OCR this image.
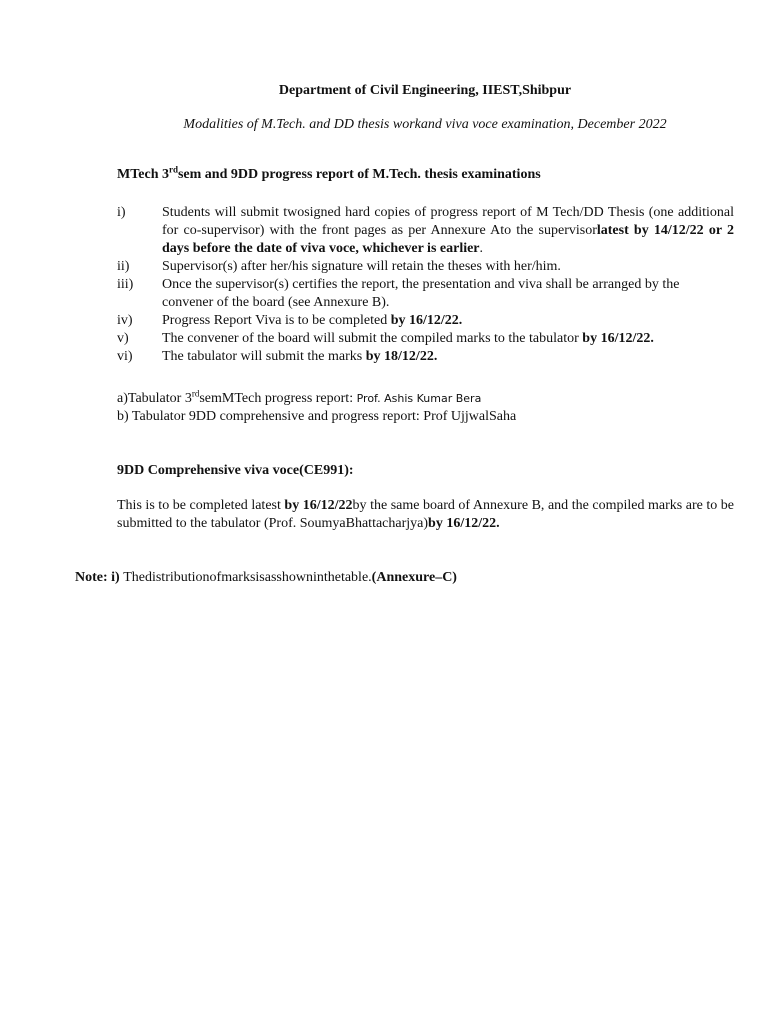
Department of Civil Engineering, IIEST,Shibpur
Modalities of M.Tech. and DD thesis workand viva voce examination, December 2022
MTech 3rdsem and 9DD progress report of M.Tech. thesis examinations
i)	Students will submit twosigned hard copies of progress report of M Tech/DD Thesis (one additional for co-supervisor) with the front pages as per Annexure Ato the supervisorlatest by 14/12/22 or 2 days before the date of viva voce, whichever is earlier.
ii) Supervisor(s) after her/his signature will retain the theses with her/him.
iii) Once the supervisor(s) certifies the report, the presentation and viva shall be arranged by the convener of the board (see Annexure B).
iv) Progress Report Viva is to be completed by 16/12/22.
v) The convener of the board will submit the compiled marks to the tabulator by 16/12/22.
vi) The tabulator will submit the marks by 18/12/22.
a)Tabulator 3rdsemMTech progress report: Prof. Ashis Kumar Bera
b) Tabulator 9DD comprehensive and progress report: Prof UjjwalSaha
9DD Comprehensive viva voce(CE991):
This is to be completed latest by 16/12/22by the same board of Annexure B, and the compiled marks are to be submitted to the tabulator (Prof. SoumyaBhattacharjya)by 16/12/22.
Note: i) Thedistributionofmarksisasshowninthetable.(Annexure–C)
